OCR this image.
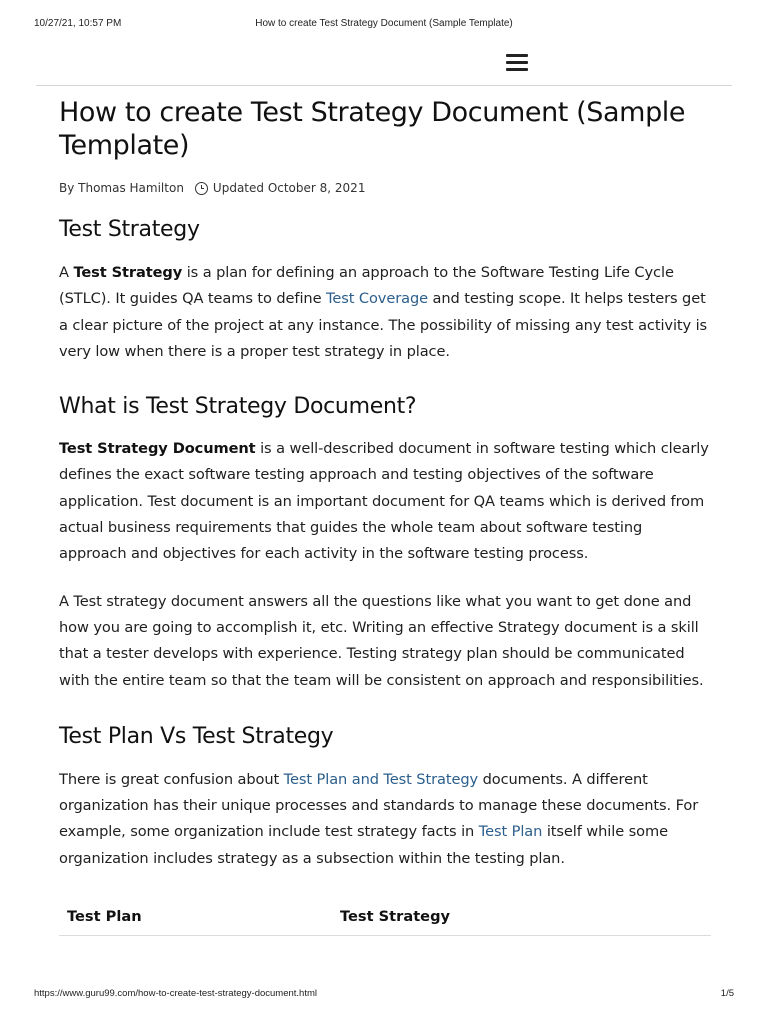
10/27/21, 10:57 PM	How to create Test Strategy Document (Sample Template)
How to create Test Strategy Document (Sample Template)
By Thomas Hamilton Updated October 8, 2021
Test Strategy

A Test Strategy is a plan for defining an approach to the Software Testing Life Cycle (STLC). It guides QA teams to define Test Coverage and testing scope. It helps testers get a clear picture of the project at any instance. The possibility of missing any test activity is very low when there is a proper test strategy in place.

What is Test Strategy Document?

Test Strategy Document is a well-described document in software testing which clearly defines the exact software testing approach and testing objectives of the software application. Test document is an important document for QA teams which is derived from actual business requirements that guides the whole team about software testing approach and objectives for each activity in the software testing process.

A Test strategy document answers all the questions like what you want to get done and how you are going to accomplish it, etc. Writing an effective Strategy document is a skill that a tester develops with experience. Testing strategy plan should be communicated with the entire team so that the team will be consistent on approach and responsibilities.

Test Plan Vs Test Strategy

There is great confusion about Test Plan and Test Strategy documents. A different organization has their unique processes and standards to manage these documents. For example, some organization include test strategy facts in Test Plan itself while some organization includes strategy as a subsection within the testing plan.

Test Plan	Test Strategy
https://www.guru99.com/how-to-create-test-strategy-document.html	1/5
